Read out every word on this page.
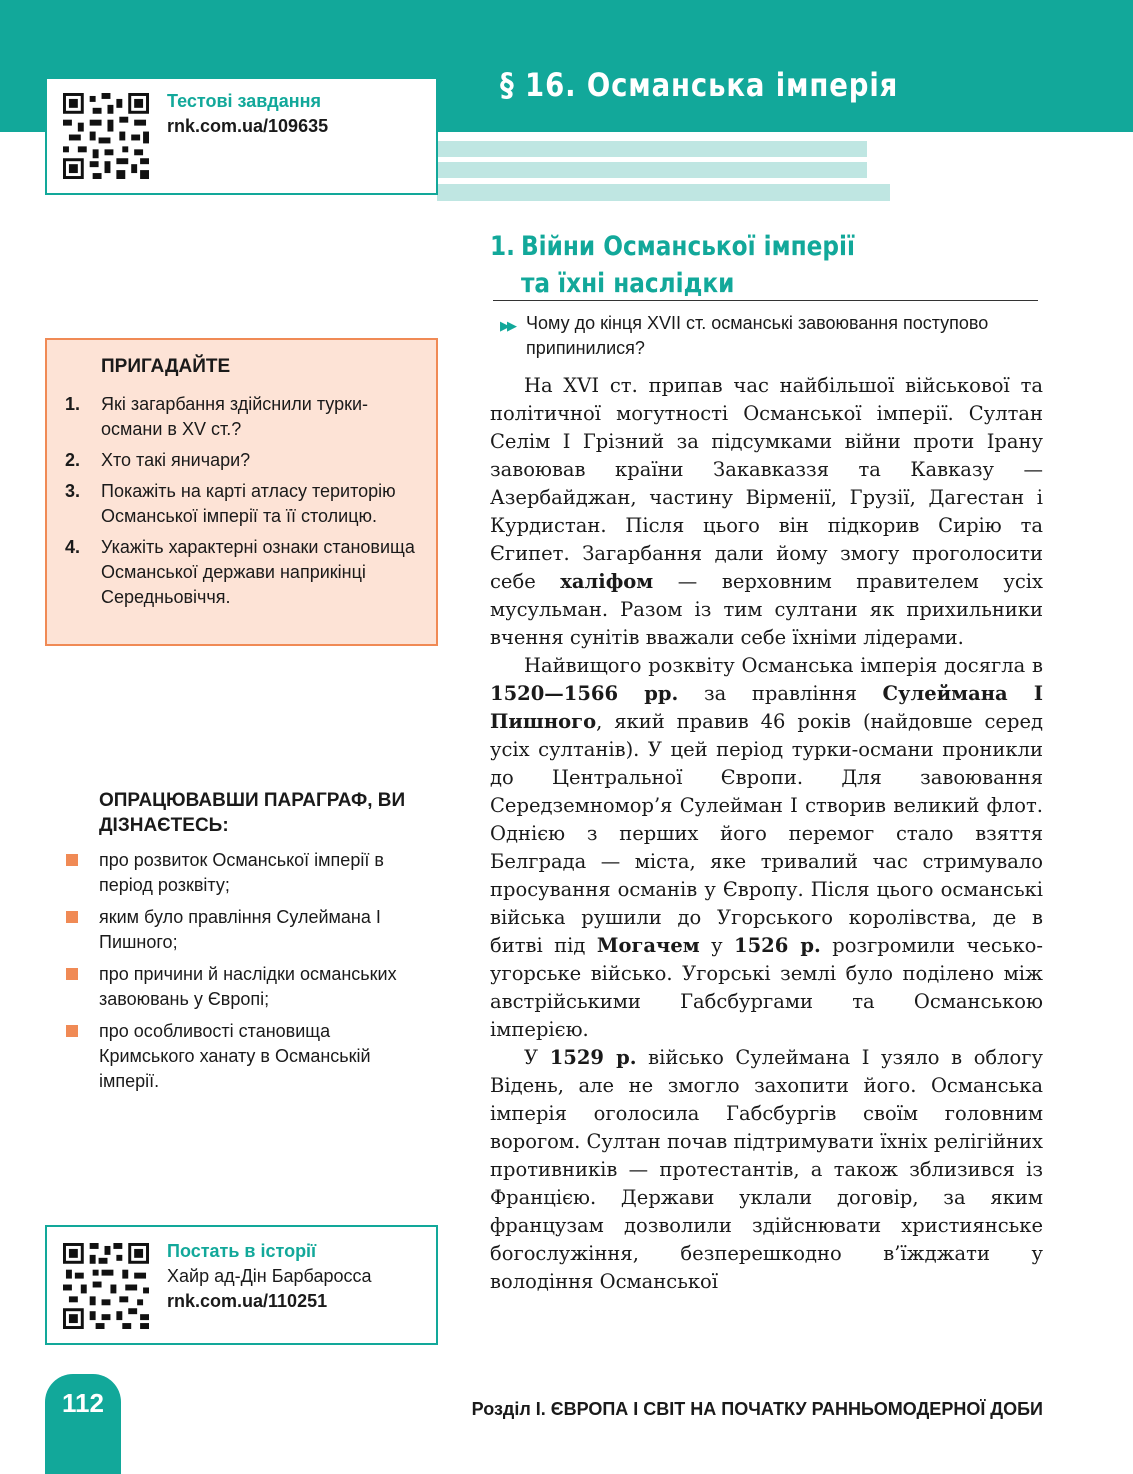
§ 16. Османська імперія
Тестові завдання
rnk.com.ua/109635
ПРИГАДАЙТЕ
1. Які загарбання здійснили турки-османи в XV ст.?
2. Хто такі яничари?
3. Покажіть на карті атласу територію Османської імперії та її столицю.
4. Укажіть характерні ознаки становища Османської держави наприкінці Середньовіччя.
ОПРАЦЮВАВШИ ПАРАГРАФ, ВИ ДІЗНАЄТЕСЬ:
про розвиток Османської імперії в період розквіту;
яким було правління Сулеймана I Пишного;
про причини й наслідки османських завоювань у Європі;
про особливості становища Кримського ханату в Османській імперії.
Постать в історії
Хайр ад-Дін Барбаросса
rnk.com.ua/110251
1. Війни Османської імперії
та їхні наслідки
▶▶ Чому до кінця XVII ст. османські завоювання поступово припинилися?

На XVI ст. припав час найбільшої військової та політичної могутності Османської імперії. Султан Селім I Грізний за підсумками війни проти Ірану завоював країни Закавказзя та Кавказу — Азербайджан, частину Вірменії, Грузії, Дагестан і Курдистан. Після цього він підкорив Сирію та Єгипет. Загарбання дали йому змогу проголосити себе халіфом — верховним правителем усіх мусульман. Разом із тим султани як прихильники вчення сунітів вважали себе їхніми лідерами.

Найвищого розквіту Османська імперія досягла в 1520—1566 рр. за правління Сулеймана I Пишного, який правив 46 років (найдовше серед усіх султанів). У цей період турки-османи проникли до Центральної Європи. Для завоювання Середземномор’я Сулейман I створив великий флот. Однією з перших його перемог стало взяття Белграда — міста, яке тривалий час стримувало просування османів у Європу. Після цього османські війська рушили до Угорського королівства, де в битві під Могачем у 1526 р. розгромили чесько-угорське військо. Угорські землі було поділено між австрійськими Габсбургами та Османською імперією.

У 1529 р. військо Сулеймана I узяло в облогу Відень, але не змогло захопити його. Османська імперія оголосила Габсбургів своїм головним ворогом. Султан почав підтримувати їхніх релігійних противників — протестантів, а також зблизився із Францією. Держави уклали договір, за яким французам дозволили здійснювати християнське богослужіння, безперешкодно в’їжджати у володіння Османської

112	Розділ I. ЄВРОПА І СВІТ НА ПОЧАТКУ РАННЬОМОДЕРНОЇ ДОБИ
